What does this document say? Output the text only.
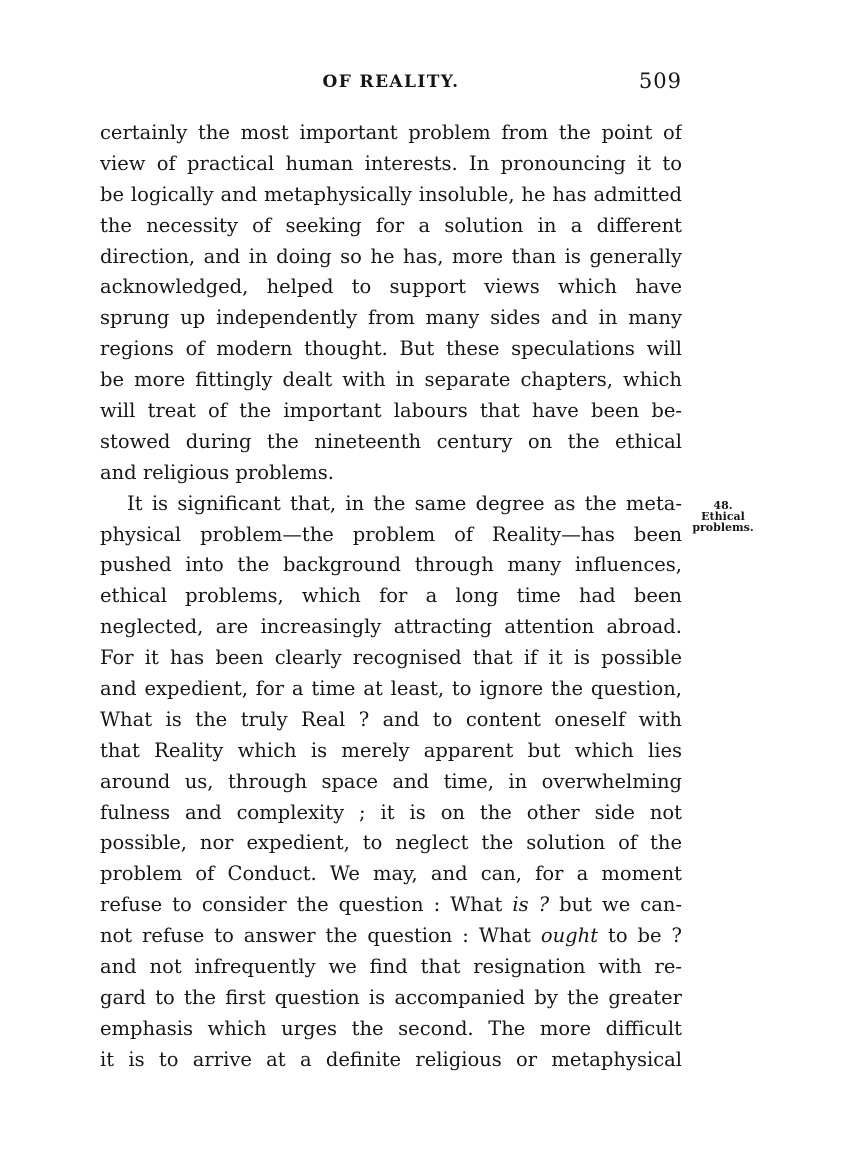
OF REALITY.	509
certainly the most important problem from the point of
view of practical human interests. In pronouncing it to
be logically and metaphysically insoluble, he has admitted
the necessity of seeking for a solution in a different
direction, and in doing so he has, more than is generally
acknowledged, helped to support views which have
sprung up independently from many sides and in many
regions of modern thought. But these speculations will
be more fittingly dealt with in separate chapters, which
will treat of the important labours that have been be-
stowed during the nineteenth century on the ethical
and religious problems.
It is significant that, in the same degree as the meta-
physical problem—the problem of Reality—has been
pushed into the background through many influences,
ethical problems, which for a long time had been
neglected, are increasingly attracting attention abroad.
For it has been clearly recognised that if it is possible
and expedient, for a time at least, to ignore the question,
What is the truly Real ? and to content oneself with
that Reality which is merely apparent but which lies
around us, through space and time, in overwhelming
fulness and complexity ; it is on the other side not
possible, nor expedient, to neglect the solution of the
problem of Conduct. We may, and can, for a moment
refuse to consider the question : What is ? but we can-
not refuse to answer the question : What ought to be ?
and not infrequently we find that resignation with re-
gard to the first question is accompanied by the greater
emphasis which urges the second. The more difficult
it is to arrive at a definite religious or metaphysical
48.
Ethical
problems.
